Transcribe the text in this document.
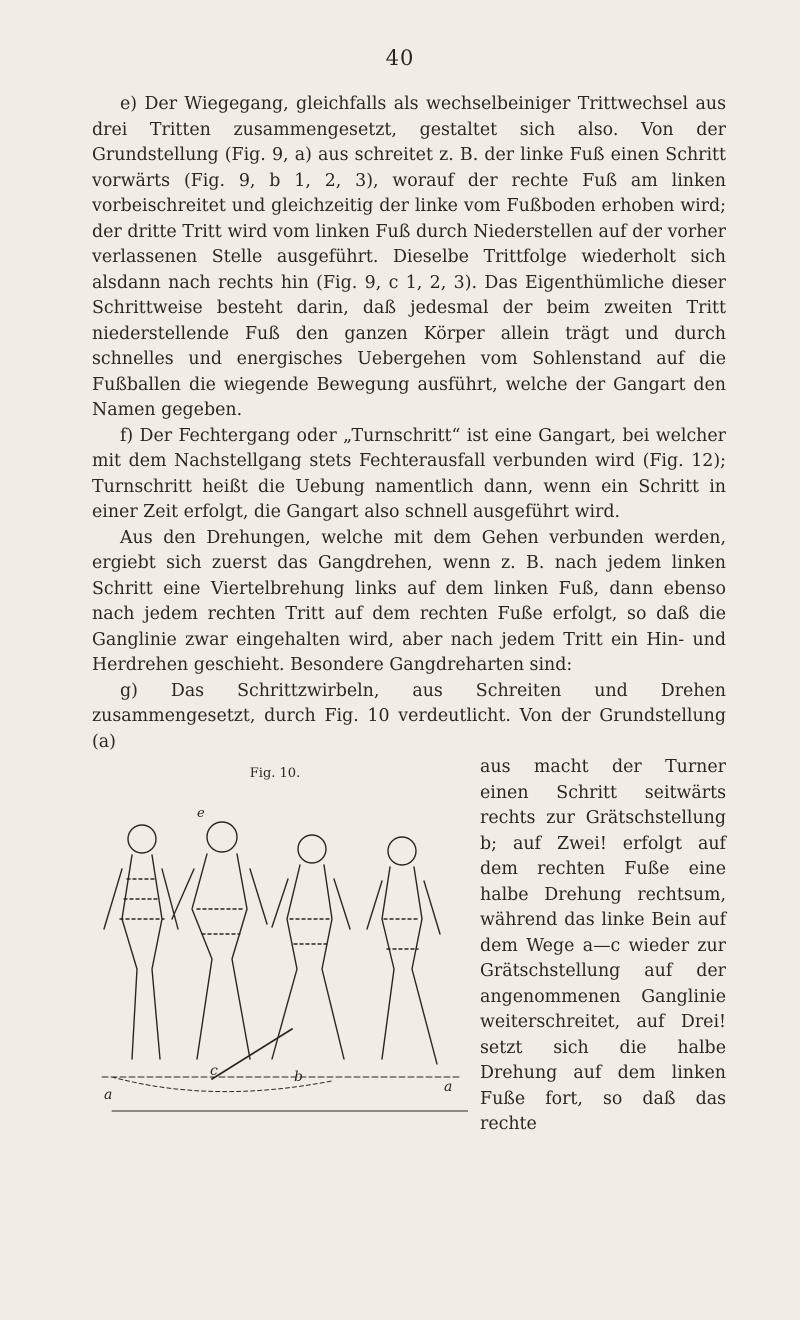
40

e) Der Wiegegang, gleichfalls als wechselbeiniger Trittwechsel aus drei Tritten zusammengesetzt, gestaltet sich also. Von der Grundstellung (Fig. 9, a) aus schreitet z. B. der linke Fuß einen Schritt vorwärts (Fig. 9, b 1, 2, 3), worauf der rechte Fuß am linken vorbeischreitet und gleichzeitig der linke vom Fußboden erhoben wird; der dritte Tritt wird vom linken Fuß durch Niederstellen auf der vorher verlassenen Stelle ausgeführt. Dieselbe Trittfolge wiederholt sich alsdann nach rechts hin (Fig. 9, c 1, 2, 3). Das Eigenthümliche dieser Schrittweise besteht darin, daß jedesmal der beim zweiten Tritt niederstellende Fuß den ganzen Körper allein trägt und durch schnelles und energisches Uebergehen vom Sohlenstand auf die Fußballen die wiegende Bewegung ausführt, welche der Gangart den Namen gegeben.

f) Der Fechtergang oder „Turnschritt“ ist eine Gangart, bei welcher mit dem Nachstellgang stets Fechterausfall verbunden wird (Fig. 12); Turnschritt heißt die Uebung namentlich dann, wenn ein Schritt in einer Zeit erfolgt, die Gangart also schnell ausgeführt wird.

Aus den Drehungen, welche mit dem Gehen verbunden werden, ergiebt sich zuerst das Gangdrehen, wenn z. B. nach jedem linken Schritt eine Viertelbrehung links auf dem linken Fuß, dann ebenso nach jedem rechten Tritt auf dem rechten Fuße erfolgt, so daß die Ganglinie zwar eingehalten wird, aber nach jedem Tritt ein Hin- und Herdrehen geschieht. Besondere Gangdreharten sind:

g) Das Schrittzwirbeln, aus Schreiten und Drehen zusammengesetzt, durch Fig. 10 verdeutlicht. Von der Grundstellung (a)

Fig. 10.
e
a
c	b
a

aus macht der Turner einen Schritt seitwärts rechts zur Grätschstellung b; auf Zwei! erfolgt auf dem rechten Fuße eine halbe Drehung rechtsum, während das linke Bein auf dem Wege a—c wieder zur Grätschstellung auf der angenommenen Ganglinie weiterschreitet, auf Drei! setzt sich die halbe Drehung auf dem linken Fuße fort, so daß das rechte
